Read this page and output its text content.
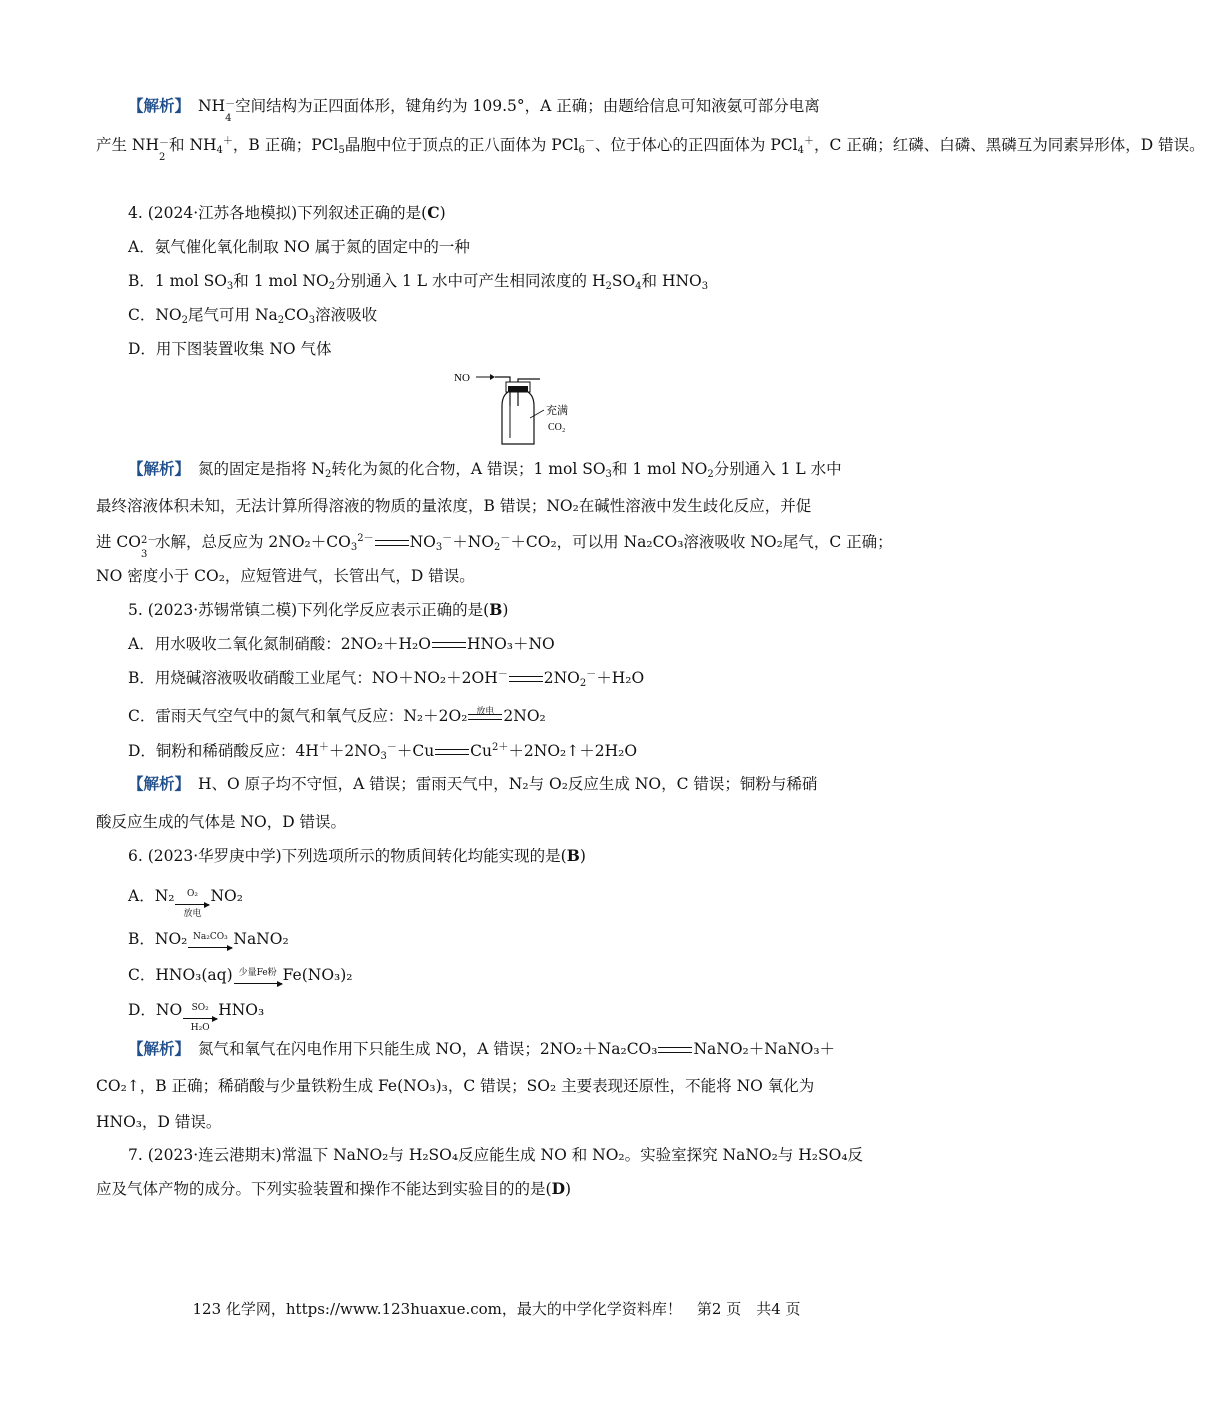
【解析】 NH －
4
空间结构为正四面体形，键角约为 109.5°，A 正确；由题给信息可知液氨可部分电离
产生 NH －
2
和 $NH_4^+$，B 正确；PCl$_5$晶胞中位于顶点的正八面体为 PCl$_6$－、位于体心的正四面体为 PCl$_4$＋，C 正确；红磷、白磷、黑磷互为同素异形体，D 错误。
4. (2024·江苏各地模拟)下列叙述正确的是(C)
A．氨气催化氧化制取 NO 属于氮的固定中的一种
B．1 mol $SO_3$和 1 mol $NO_2$分别通入 1 L 水中可产生相同浓度的 $H_2SO_4$和 $HNO_3$
C．$NO_2$尾气可用 $Na_2CO_3$溶液吸收
D．用下图装置收集 NO 气体
NO
充满
CO₂
【解析】 氮的固定是指将 $N_2$转化为氮的化合物，A 错误；1 mol $SO_3$和 1 mol $NO_2$分别通入 1 L 水中
最终溶液体积未知，无法计算所得溶液的物质的量浓度，B 错误；NO₂在碱性溶液中发生歧化反应，并促
进 CO 2－
3
水解，总反应为 $2NO_2+CO_3^{2-}$ $NO_3^-+NO_2^-+CO_2$，可以用 Na₂CO₃溶液吸收 NO₂尾气，C 正确；
NO 密度小于 CO₂，应短管进气，长管出气，D 错误。
5. (2023·苏锡常镇二模)下列化学反应表示正确的是(B)
A．用水吸收二氧化氮制硝酸：2NO₂＋H₂O HNO₃＋NO
B．用烧碱溶液吸收硝酸工业尾气：NO＋NO₂＋2OH－ $2NO_2^-+H_2O$
C．雷雨天气空气中的氮气和氧气反应：N₂＋2O₂ 放电 2NO₂
D．铜粉和稀硝酸反应：$4H^++2NO_3^-+Cu$ $Cu^{2+}+2NO_2↑+2H_2O$
【解析】 H、O 原子均不守恒，A 错误；雷雨天气中，N₂与 O₂反应生成 NO，C 错误；铜粉与稀硝
酸反应生成的气体是 NO，D 错误。
6. (2023·华罗庚中学)下列选项所示的物质间转化均能实现的是(B)
A．N₂	O₂
放电
NO₂
B．NO₂ Na₂CO₃ NaNO₂
C．HNO₃(aq) 少量Fe粉 Fe(NO₃)₂
D．NO	SO₂
H₂O
HNO₃
【解析】 氮气和氧气在闪电作用下只能生成 NO，A 错误；2NO₂＋Na₂CO₃ NaNO₂＋NaNO₃＋
CO₂↑，B 正确；稀硝酸与少量铁粉生成 Fe(NO₃)₃，C 错误；SO₂ 主要表现还原性，不能将 NO 氧化为
HNO₃，D 错误。
7. (2023·连云港期末)常温下 NaNO₂与 H₂SO₄反应能生成 NO 和 NO₂。实验室探究 NaNO₂与 H₂SO₄反
应及气体产物的成分。下列实验装置和操作不能达到实验目的的是(D)
123 化学网，https://www.123huaxue.com，最大的中学化学资料库！　第2 页　共4 页
